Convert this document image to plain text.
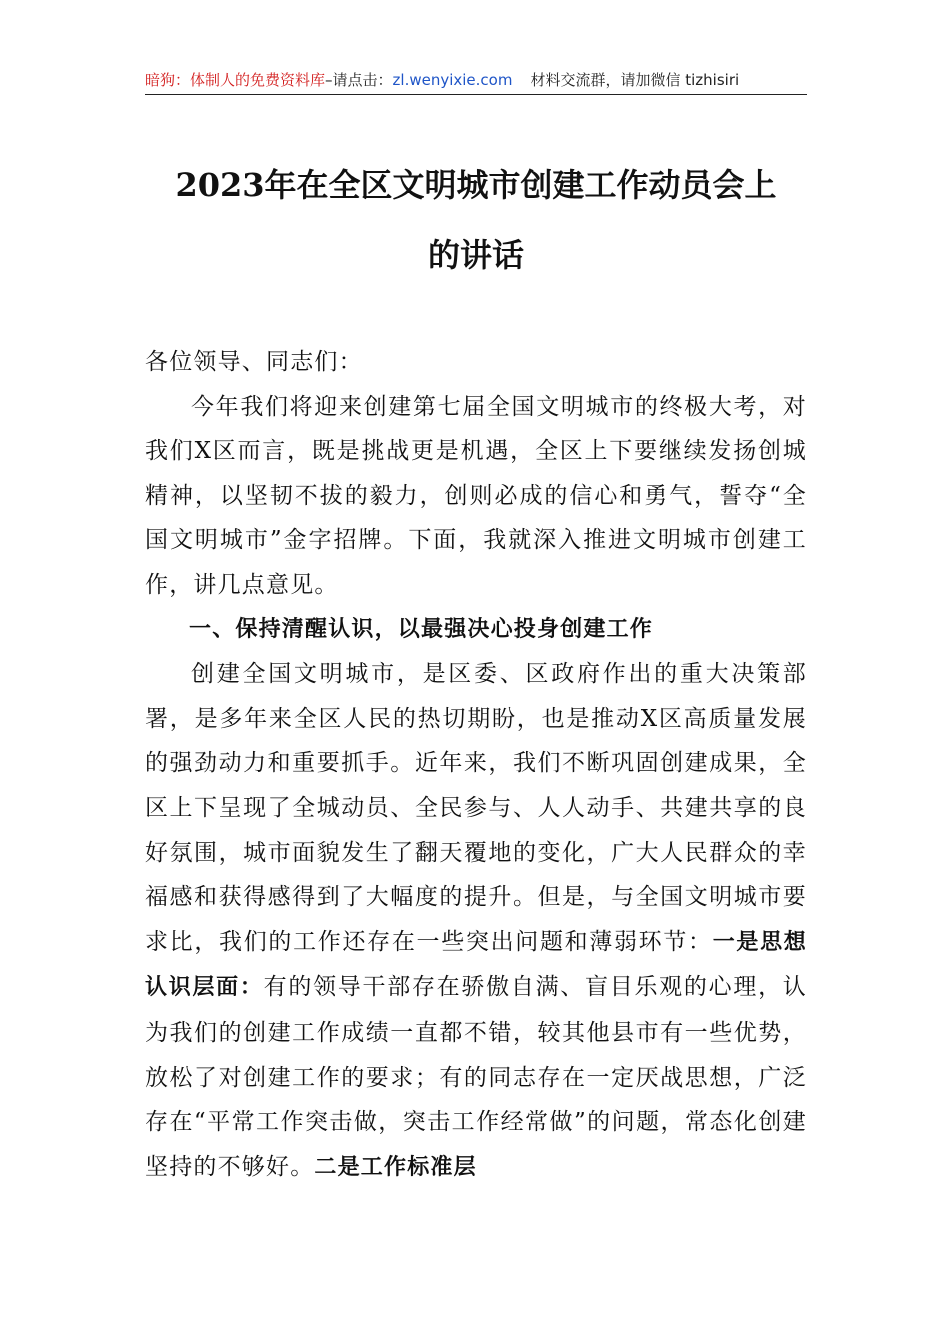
暗狗：体制人的免费资料库–请点击：zl.wenyixie.com 材料交流群，请加微信 tizhisiri
2023年在全区文明城市创建工作动员会上
的讲话

各位领导、同志们：

今年我们将迎来创建第七届全国文明城市的终极大考，对我们X区而言，既是挑战更是机遇，全区上下要继续发扬创城精神，以坚韧不拔的毅力，创则必成的信心和勇气，誓夺“全国文明城市”金字招牌。下面，我就深入推进文明城市创建工作，讲几点意见。

一、保持清醒认识，以最强决心投身创建工作

创建全国文明城市，是区委、区政府作出的重大决策部署，是多年来全区人民的热切期盼，也是推动X区高质量发展的强劲动力和重要抓手。近年来，我们不断巩固创建成果，全区上下呈现了全城动员、全民参与、人人动手、共建共享的良好氛围，城市面貌发生了翻天覆地的变化，广大人民群众的幸福感和获得感得到了大幅度的提升。但是，与全国文明城市要求比，我们的工作还存在一些突出问题和薄弱环节：一是思想认识层面：有的领导干部存在骄傲自满、盲目乐观的心理，认为我们的创建工作成绩一直都不错，较其他县市有一些优势，放松了对创建工作的要求；有的同志存在一定厌战思想，广泛存在“平常工作突击做，突击工作经常做”的问题，常态化创建坚持的不够好。二是工作标准层
